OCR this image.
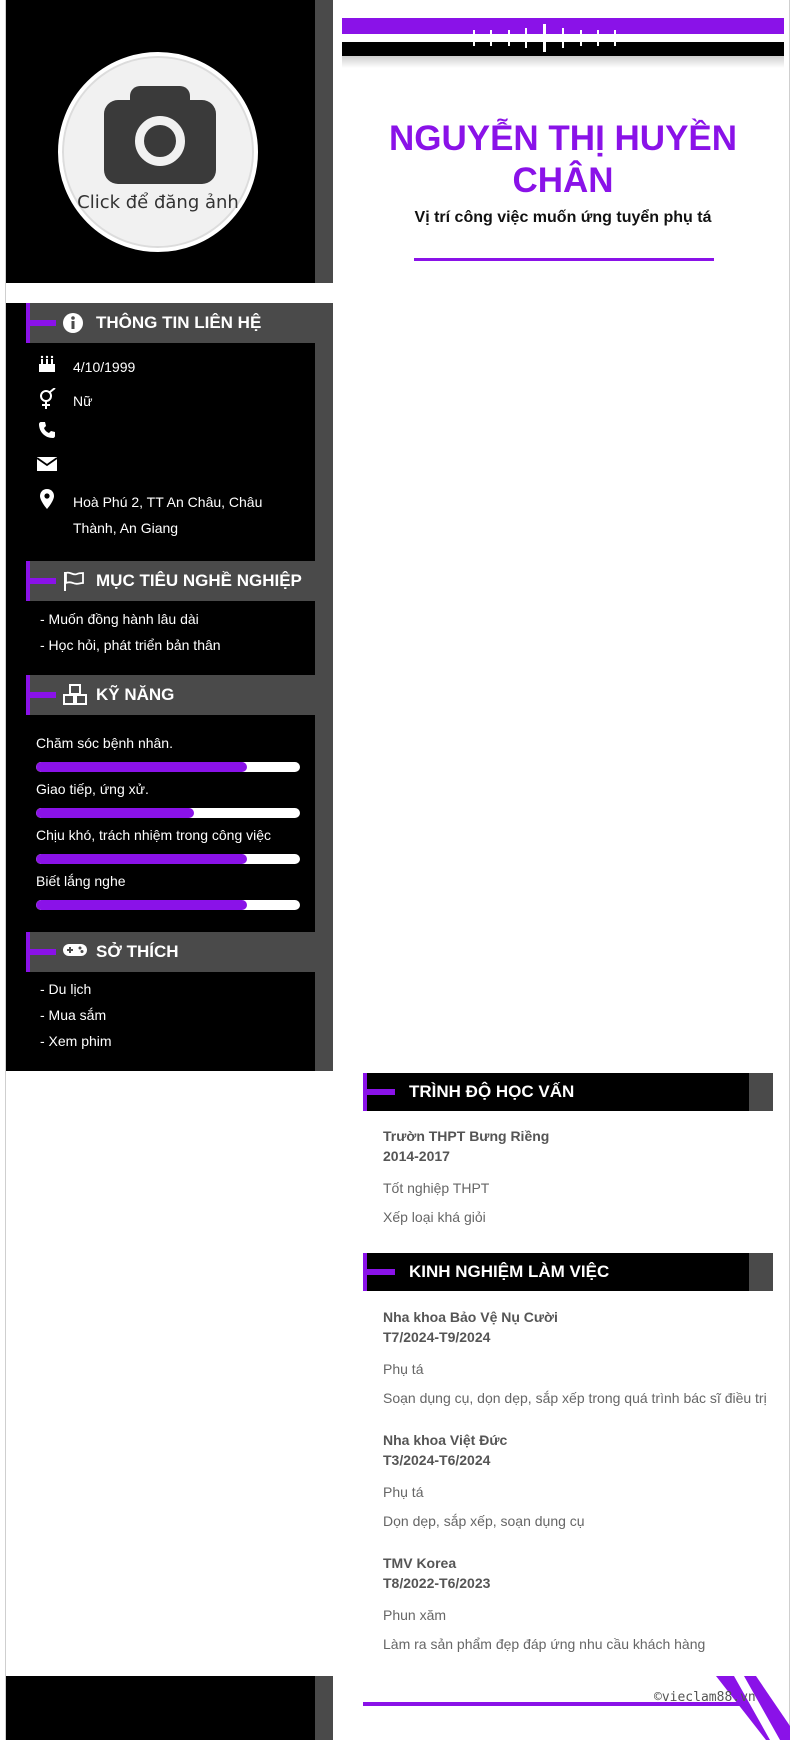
Click để đăng ảnh
THÔNG TIN LIÊN HỆ
4/10/1999
Nữ
Hoà Phú 2, TT An Châu, Châu Thành, An Giang
MỤC TIÊU NGHỀ NGHIỆP
- Muốn đồng hành lâu dài
- Học hỏi, phát triển bản thân
KỸ NĂNG
Chăm sóc bệnh nhân.
Giao tiếp, ứng xử.
Chịu khó, trách nhiệm trong công việc
Biết lắng nghe
SỞ THÍCH
- Du lịch
- Mua sắm
- Xem phim
NGUYỄN THỊ HUYỀN CHÂN
Vị trí công việc muốn ứng tuyển phụ tá
TRÌNH ĐỘ HỌC VẤN
Trườn THPT Bưng Riềng
2014-2017
Tốt nghiệp THPT
Xếp loại khá giỏi
KINH NGHIỆM LÀM VIỆC
Nha khoa Bảo Vệ Nụ Cười
T7/2024-T9/2024
Phụ tá
Soạn dụng cụ, dọn dẹp, sắp xếp trong quá trình bác sĩ điều trị
Nha khoa Việt Đức
T3/2024-T6/2024
Phụ tá
Dọn dẹp, sắp xếp, soạn dụng cụ
TMV Korea
T8/2022-T6/2023
Phun xăm
Làm ra sản phẩm đẹp đáp ứng nhu cầu khách hàng
©vieclam88.vn
